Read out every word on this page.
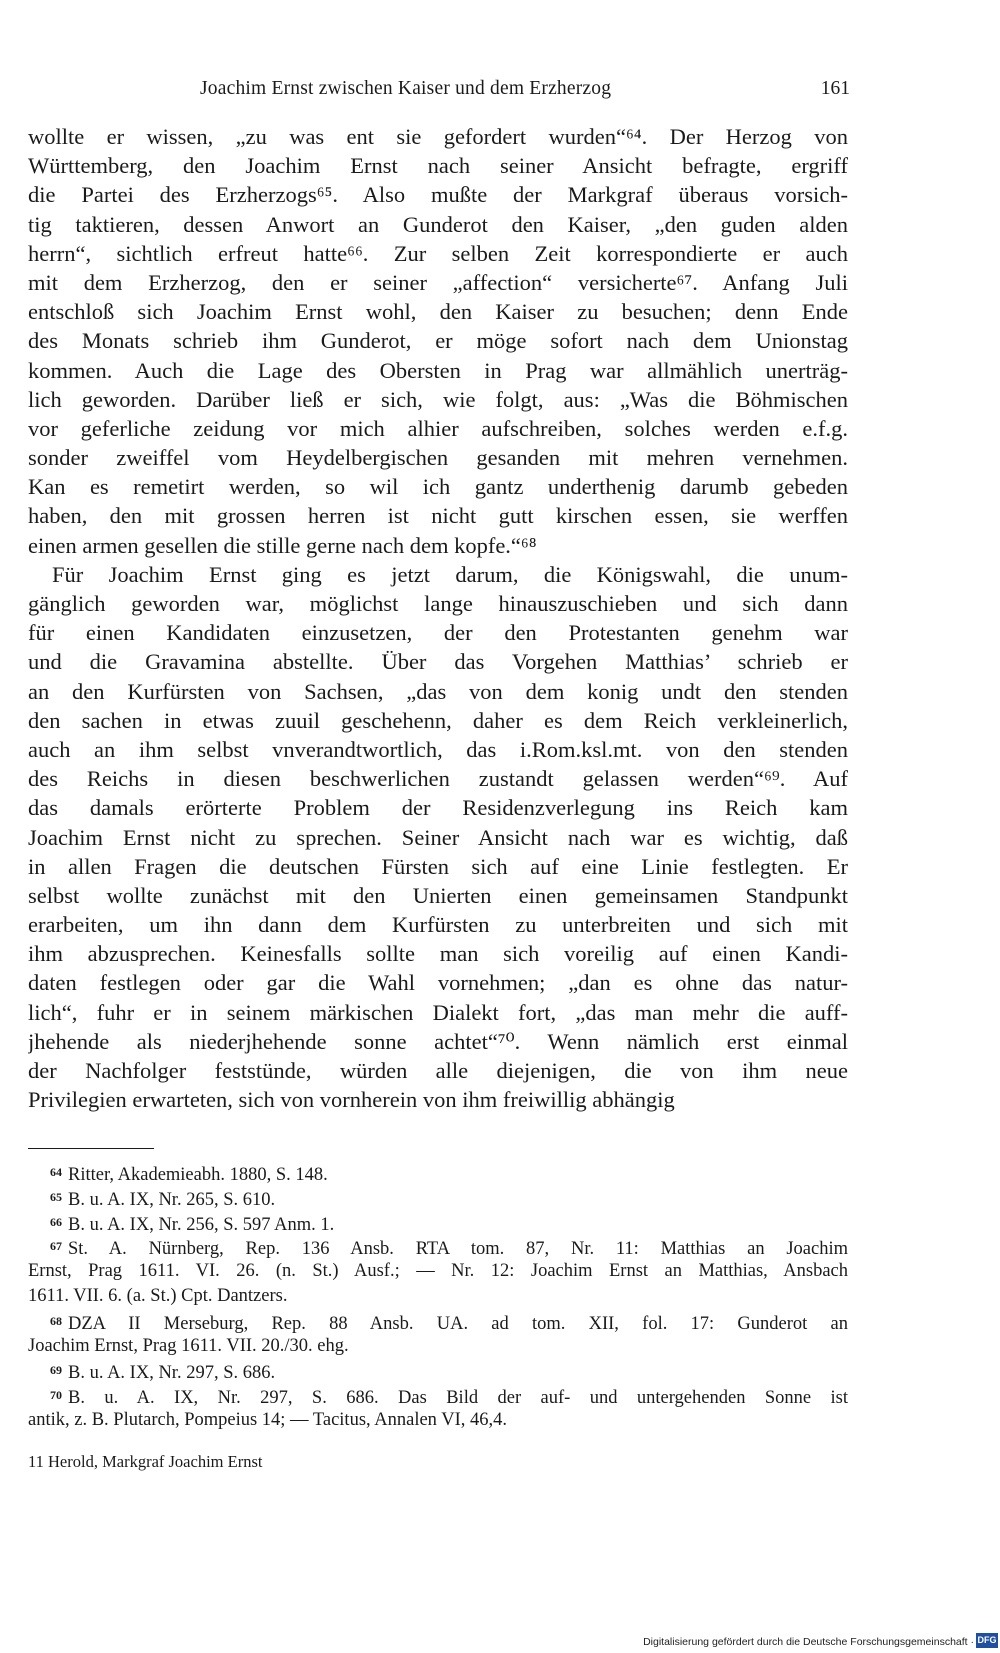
Joachim Ernst zwischen Kaiser und dem Erzherzog	161
wollte er wissen, „zu was ent sie gefordert wurden“⁶⁴. Der Herzog von
Württemberg, den Joachim Ernst nach seiner Ansicht befragte, ergriff
die Partei des Erzherzogs⁶⁵. Also mußte der Markgraf überaus vorsich-
tig taktieren, dessen Anwort an Gunderot den Kaiser, „den guden alden
herrn“, sichtlich erfreut hatte⁶⁶. Zur selben Zeit korrespondierte er auch
mit dem Erzherzog, den er seiner „affection“ versicherte⁶⁷. Anfang Juli
entschloß sich Joachim Ernst wohl, den Kaiser zu besuchen; denn Ende
des Monats schrieb ihm Gunderot, er möge sofort nach dem Unionstag
kommen. Auch die Lage des Obersten in Prag war allmählich unerträg-
lich geworden. Darüber ließ er sich, wie folgt, aus: „Was die Böhmischen
vor geferliche zeidung vor mich alhier aufschreiben, solches werden e.f.g.
sonder zweiffel vom Heydelbergischen gesanden mit mehren vernehmen.
Kan es remetirt werden, so wil ich gantz underthenig darumb gebeden
haben, den mit grossen herren ist nicht gutt kirschen essen, sie werffen
einen armen gesellen die stille gerne nach dem kopfe.“⁶⁸
Für Joachim Ernst ging es jetzt darum, die Königswahl, die unum-
gänglich geworden war, möglichst lange hinauszuschieben und sich dann
für einen Kandidaten einzusetzen, der den Protestanten genehm war
und die Gravamina abstellte. Über das Vorgehen Matthias’ schrieb er
an den Kurfürsten von Sachsen, „das von dem konig undt den stenden
den sachen in etwas zuuil geschehenn, daher es dem Reich verkleinerlich,
auch an ihm selbst vnverandtwortlich, das i.Rom.ksl.mt. von den stenden
des Reichs in diesen beschwerlichen zustandt gelassen werden“⁶⁹. Auf
das damals erörterte Problem der Residenzverlegung ins Reich kam
Joachim Ernst nicht zu sprechen. Seiner Ansicht nach war es wichtig, daß
in allen Fragen die deutschen Fürsten sich auf eine Linie festlegten. Er
selbst wollte zunächst mit den Unierten einen gemeinsamen Standpunkt
erarbeiten, um ihn dann dem Kurfürsten zu unterbreiten und sich mit
ihm abzusprechen. Keinesfalls sollte man sich voreilig auf einen Kandi-
daten festlegen oder gar die Wahl vornehmen; „dan es ohne das natur-
lich“, fuhr er in seinem märkischen Dialekt fort, „das man mehr die auff-
jhehende als niederjhehende sonne achtet“⁷⁰. Wenn nämlich erst einmal
der Nachfolger feststünde, würden alle diejenigen, die von ihm neue
Privilegien erwarteten, sich von vornherein von ihm freiwillig abhängig
$^{64}$ Ritter, Akademieabh. 1880, S. 148.
$^{65}$ B. u. A. IX, Nr. 265, S. 610.
$^{66}$ B. u. A. IX, Nr. 256, S. 597 Anm. 1.
$^{67}$ St. A. Nürnberg, Rep. 136 Ansb. RTA tom. 87, Nr. 11: Matthias an Joachim
Ernst, Prag 1611. VI. 26. (n. St.) Ausf.; — Nr. 12: Joachim Ernst an Matthias, Ansbach
1611. VII. 6. (a. St.) Cpt. Dantzers.
$^{68}$ DZA II Merseburg, Rep. 88 Ansb. UA. ad tom. XII, fol. 17: Gunderot an
Joachim Ernst, Prag 1611. VII. 20./30. ehg.
$^{69}$ B. u. A. IX, Nr. 297, S. 686.
$^{70}$ B. u. A. IX, Nr. 297, S. 686. Das Bild der auf- und untergehenden Sonne ist
antik, z. B. Plutarch, Pompeius 14; — Tacitus, Annalen VI, 46,4.
11 Herold, Markgraf Joachim Ernst
Digitalisierung gefördert durch die Deutsche Forschungsgemeinschaft · DFG
